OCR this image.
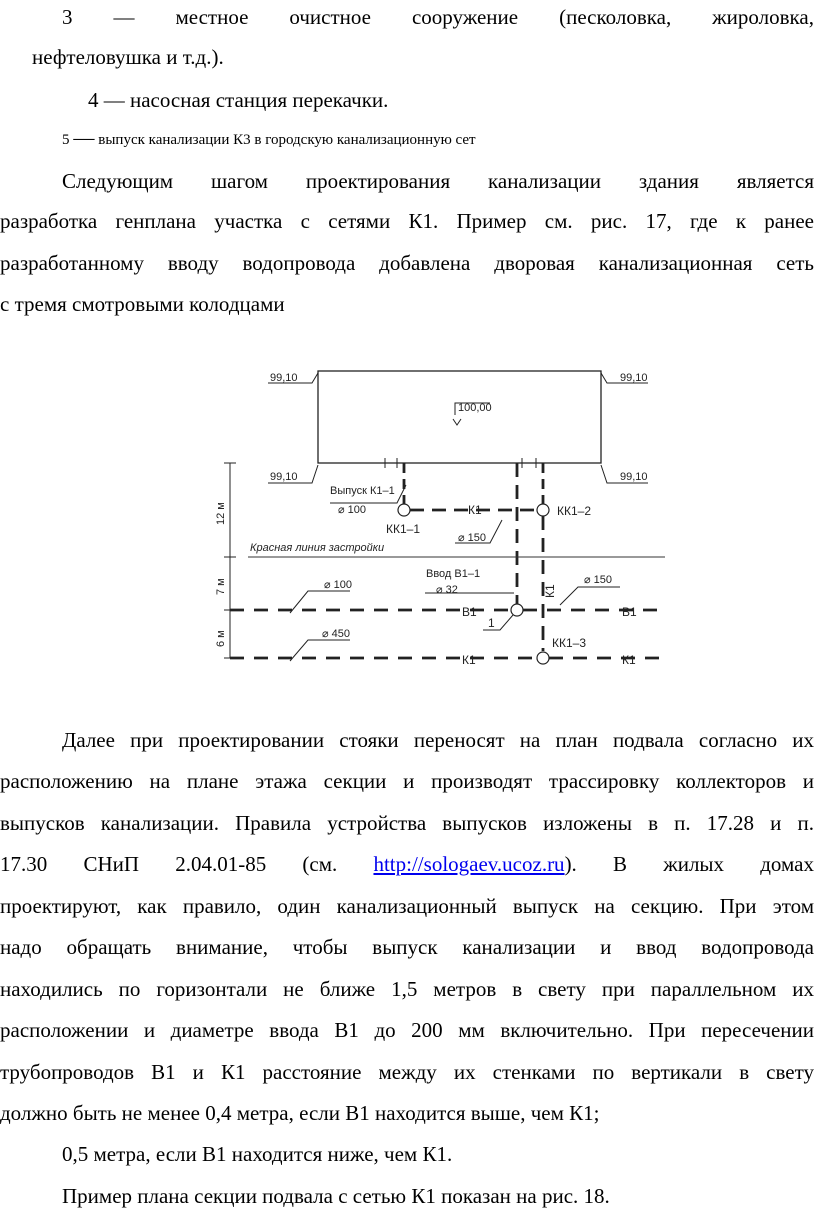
3 — местное очистное сооружение (песколовка, жироловка,
нефтеловушка и т.д.).
4 — насосная станция перекачки.
5 ── выпуск канализации К3 в городскую канализационную сет
Следующим шагом проектирования канализации здания является
разработка генплана участка с сетями К1. Пример см. рис. 17, где к ранее
разработанному вводу водопровода добавлена дворовая канализационная сеть
с тремя смотровыми колодцами
99,10	99,10
99,10	99,10
100,00
Выпуск К1–1
⌀ 100
КК1–1
КК1–2
К1
⌀ 150
Красная линия застройки
Ввод В1–1
⌀ 32	К1
⌀ 100	⌀ 150
В1	В1
1
⌀ 450
КК1–3
К1	К1
12 м
7 м
6 м
Далее при проектировании стояки переносят на план подвала согласно их
расположению на плане этажа секции и производят трассировку коллекторов и
выпусков канализации. Правила устройства выпусков изложены в п. 17.28 и п.
17.30 СНиП 2.04.01-85 (см. http://sologaev.ucoz.ru). В жилых домах
проектируют, как правило, один канализационный выпуск на секцию. При этом
надо обращать внимание, чтобы выпуск канализации и ввод водопровода
находились по горизонтали не ближе 1,5 метров в свету при параллельном их
расположении и диаметре ввода В1 до 200 мм включительно. При пересечении
трубопроводов В1 и К1 расстояние между их стенками по вертикали в свету
должно быть не менее 0,4 метра, если В1 находится выше, чем К1;
0,5 метра, если В1 находится ниже, чем К1.
Пример плана секции подвала с сетью К1 показан на рис. 18.
